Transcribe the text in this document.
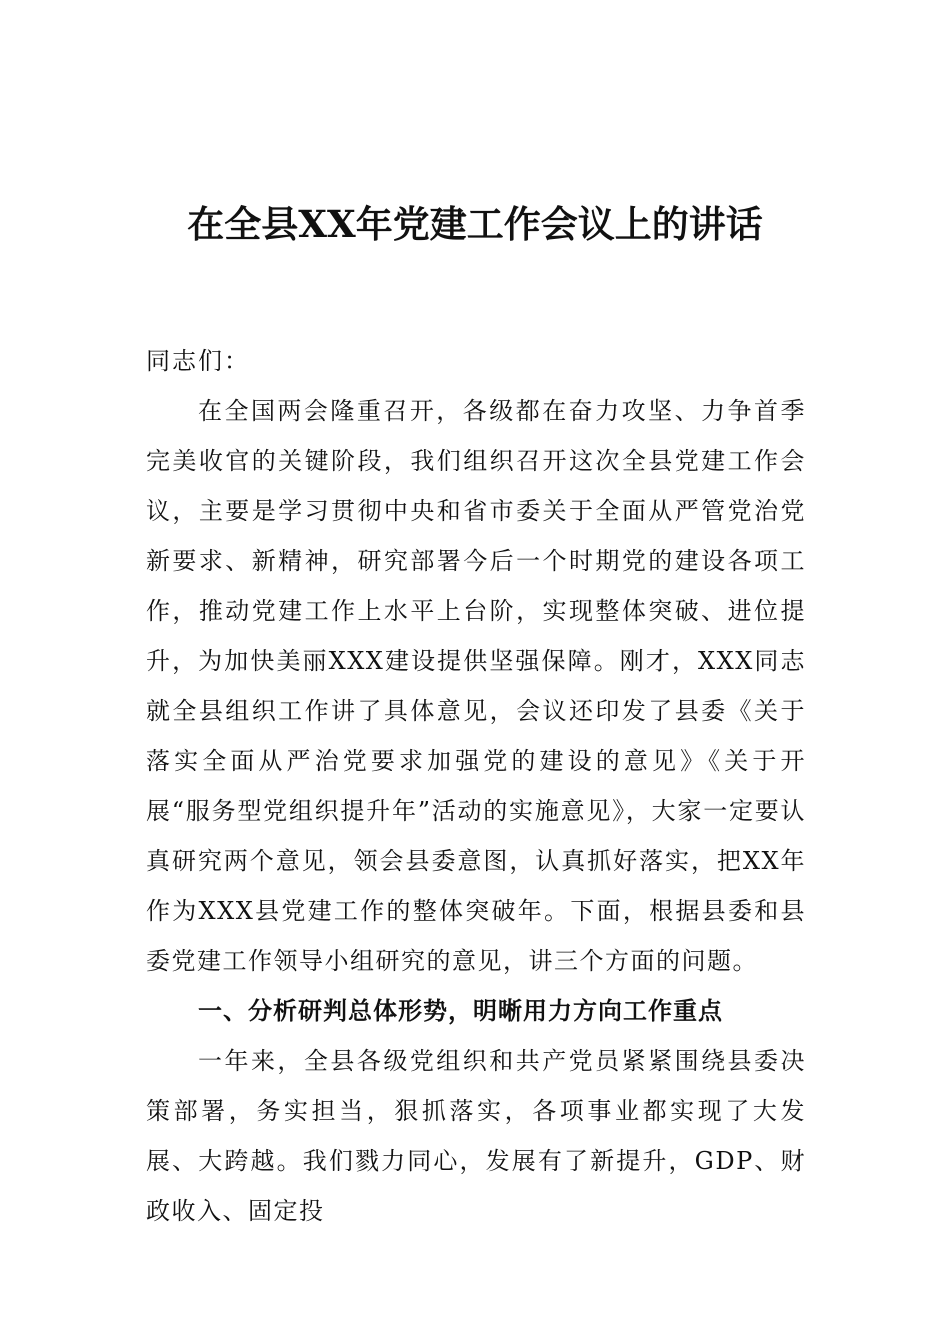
在全县XX年党建工作会议上的讲话

同志们：

在全国两会隆重召开，各级都在奋力攻坚、力争首季完美收官的关键阶段，我们组织召开这次全县党建工作会议，主要是学习贯彻中央和省市委关于全面从严管党治党新要求、新精神，研究部署今后一个时期党的建设各项工作，推动党建工作上水平上台阶，实现整体突破、进位提升，为加快美丽XXX建设提供坚强保障。刚才，XXX同志就全县组织工作讲了具体意见，会议还印发了县委《关于落实全面从严治党要求加强党的建设的意见》《关于开展“服务型党组织提升年”活动的实施意见》，大家一定要认真研究两个意见，领会县委意图，认真抓好落实，把XX年作为XXX县党建工作的整体突破年。下面，根据县委和县委党建工作领导小组研究的意见，讲三个方面的问题。

一、分析研判总体形势，明晰用力方向工作重点

一年来，全县各级党组织和共产党员紧紧围绕县委决策部署，务实担当，狠抓落实，各项事业都实现了大发展、大跨越。我们戮力同心，发展有了新提升，GDP、财政收入、固定投
